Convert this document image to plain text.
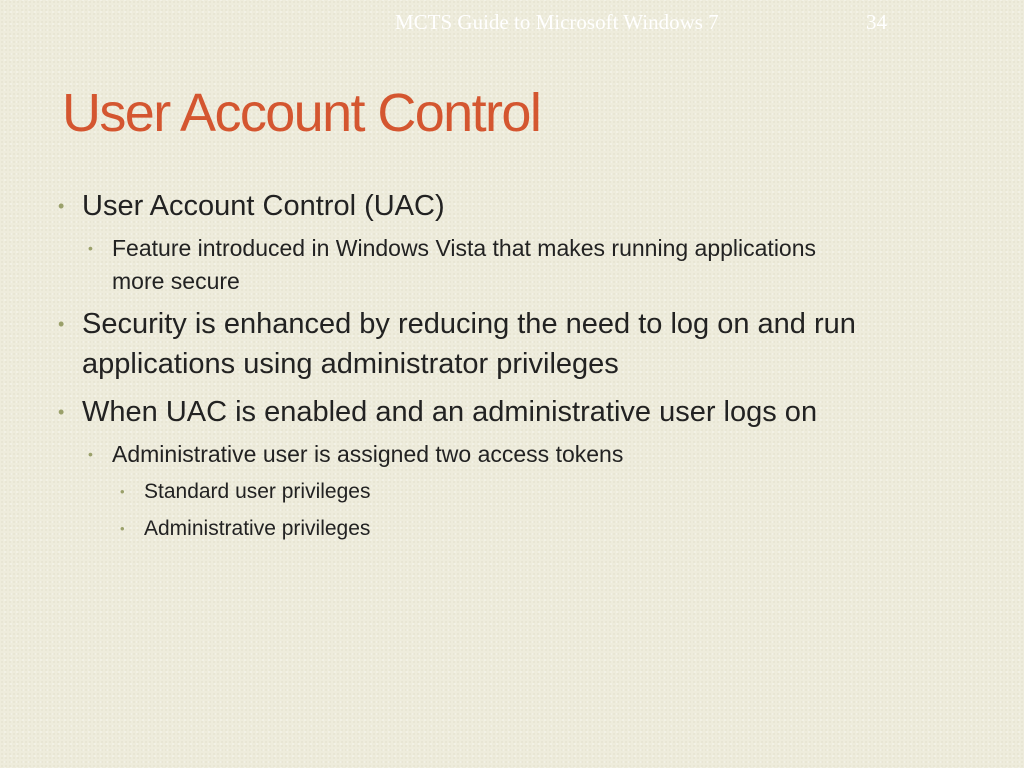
MCTS Guide to Microsoft Windows 7	34
User Account Control
• User Account Control (UAC)
• Feature introduced in Windows Vista that makes running applications more secure
• Security is enhanced by reducing the need to log on and run applications using administrator privileges
• When UAC is enabled and an administrative user logs on
• Administrative user is assigned two access tokens
• Standard user privileges
• Administrative privileges
